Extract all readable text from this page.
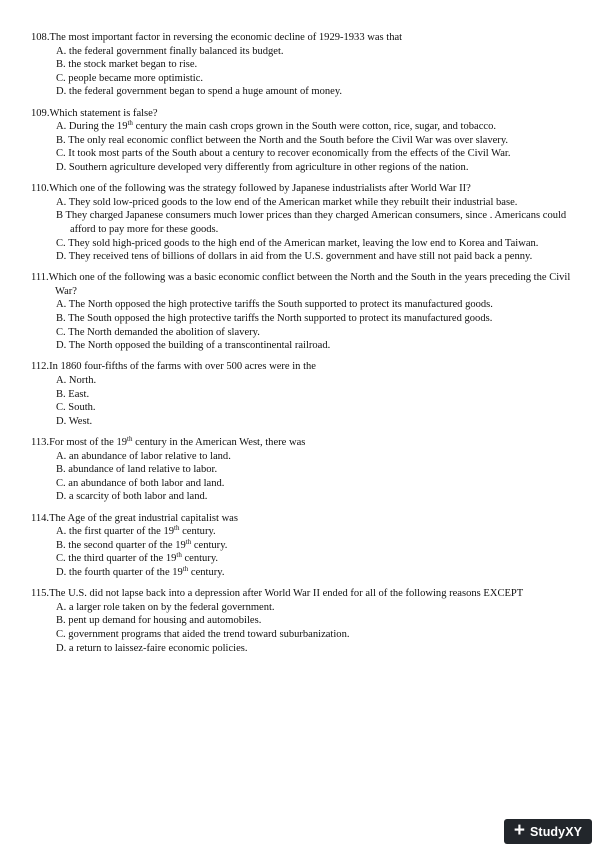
108.The most important factor in reversing the economic decline of 1929-1933 was that
A. the federal government finally balanced its budget.
B. the stock market began to rise.
C. people became more optimistic.
D. the federal government began to spend a huge amount of money.
109.Which statement is false?
A. During the 19th century the main cash crops grown in the South were cotton, rice, sugar, and tobacco.
B. The only real economic conflict between the North and the South before the Civil War was over slavery.
C. It took most parts of the South about a century to recover economically from the effects of the Civil War.
D. Southern agriculture developed very differently from agriculture in other regions of the nation.
110.Which one of the following was the strategy followed by Japanese industrialists after World War II?
A. They sold low-priced goods to the low end of the American market while they rebuilt their industrial base.
B They charged Japanese consumers much lower prices than they charged American consumers, since . Americans could afford to pay more for these goods.
C. They sold high-priced goods to the high end of the American market, leaving the low end to Korea and Taiwan.
D. They received tens of billions of dollars in aid from the U.S. government and have still not paid back a penny.
111.Which one of the following was a basic economic conflict between the North and the South in the years preceding the Civil War?
A. The North opposed the high protective tariffs the South supported to protect its manufactured goods.
B. The South opposed the high protective tariffs the North supported to protect its manufactured goods.
C. The North demanded the abolition of slavery.
D. The North opposed the building of a transcontinental railroad.
112.In 1860 four-fifths of the farms with over 500 acres were in the
A. North.
B. East.
C. South.
D. West.
113.For most of the 19th century in the American West, there was
A. an abundance of labor relative to land.
B. abundance of land relative to labor.
C. an abundance of both labor and land.
D. a scarcity of both labor and land.
114.The Age of the great industrial capitalist was
A. the first quarter of the 19th century.
B. the second quarter of the 19th century.
C. the third quarter of the 19th century.
D. the fourth quarter of the 19th century.
115.The U.S. did not lapse back into a depression after World War II ended for all of the following reasons EXCEPT
A. a larger role taken on by the federal government.
B. pent up demand for housing and automobiles.
C. government programs that aided the trend toward suburbanization.
D. a return to laissez-faire economic policies.
+ StudyXY
